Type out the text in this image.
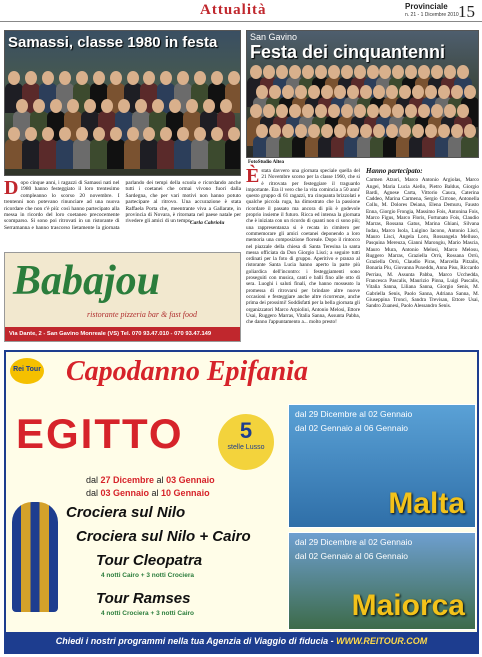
Attualità	Provinciale
n. 21 - 1 Dicembre 2010 15
Samassi, classe 1980 in festa
D opo cinque anni, i ragazzi di Samassi nati nel 1980 hanno festeggiato il loro trentesimo compleanno lo scorso 20 novembre. I trentenni non potevano rinunciare ad una nuova ricordare che non c'è più: così hanno partecipato alla messa in ricordo del loro coetaneo precocemente scomparso. Si sono poi ritrovati in un ristorante di Serramanna e hanno trascorso lietamente la giornata parlando dei tempi della scuola e ricordando anche tutti i coetanei che ormai vivono fuori dalla Sardegna, che per vari motivi non hanno potuto partecipare al ritrovo. Una accurazione è stata Raffaela Porta che, meentrante viva a Gallarate, in provincia di Novara, è ritornata nel paese natale per rivedere gli amici di un tempo.
Carla Cabriolu
Babajou
ristorante pizzeria bar & fast food
Via Dante, 2 - San Gavino Monreale (VS) Tel. 070 93.47.010 - 070 93.47.149
San Gavino
Festa dei cinquantenni
FotoStudio Altea
È stata davvero una giornata speciale quella del 21 Novembre scorso per la classe 1960, che si è ritrovata per festeggiare il traguardo importante. Era il vero che la vita comincia a 50 anni' questo gruppo di 61 ragazzi, tra cinquanta brizzolati e qualche piccola ruga, ha dimostrato che la passione ricordare il passato ma ancora di più è godevole proprio insieme il futuro. Ricca ed intensa la giornata che è iniziata con un ricordo di quanti non ci sono più; una rappresentanza si è recata in cimitero per commemorare gli amici coetanei deponendo a loro memoria una composizione floreale. Dopo il rintocco nel piazzale della chiesa di Santa Teresina la santa messa officiata da Don Giorgio Lisci; a seguire tutti ordinati per la foto di gruppo. Aperitivo e pranzo al ristorante Santa Lucia hanno aperto la parte più goliardica dell'incontro: i festeggiamenti sono proseguiti con musica, canti e balli fino alle otto di sera. Luoghi i saluti finali, che hanno mosseato la promessa di ritrovarsi per brindare altre nuove occasioni e festeggiare anche altre ricorrenze, anche prima dei prossimi! Soddisfatti per la bella giornata gli organizzatori Marco Arpiolini, Antonio Melosi, Ettore Usai, Ruggero Marras, Vitalia Sanna, Assunta Pabba, che danno l'appuntamento a... molto presto!
Hanno partecipato:

Carmen Atzori, Marco Antonio Argiolas, Marco Angei, Maria Lucia Aiello, Pietro Baldus, Giorgio Bardi, Agnese Carta, Vittorio Cauca, Caterina Caddeo, Marina Carmena, Sergio Cirrone, Antonella Collu, M. Dolores Deiana, Elena Demuru, Fausto Enna, Giorgio Frongia, Massimo Fois, Antonina Fois, Marco Figus, Marco Floris, Fortunato Fois, Claudio Marras, Rossana Gatus, Marina Ghiani, Silvana Iudau, Marco Isola, Luigino Iacono, Antonio Lisci, Mauro Lisci, Angela Loru, Rossangela Melluso, Pasquina Mereuza, Gianni Marongiu, Mario Mascia, Mauro Mura, Antonio Melosi, Marco Melosu, Ruggero Marras, Graziella Orrù, Rossana Orrù, Graziella Orrù, Claudio Piras, Marcella Pitzalis, Bonaria Piu, Giovanna Puxeddu, Anna Pisu, Riccardo Perriau, M. Assunta Pabba, Marco Ucchedda, Francesca Pascalis, Maurizio Pinna, Luigi Pascalis, Vitalia Sanna, Liliana Sanna, Giorgio Senis, M. Gabriella Senis, Paolo Sanna, Adriana Sanna, M. Giuseppina Tronci, Sandra Trevisan, Ettore Usai, Sandro Zuanesi, Paolo Alessandro Senis.

Rei Tour Capodanno Epifania
EGITTO	5
stelle Lusso
dal 27 Dicembre al 03 Gennaio
dal 03 Gennaio al 10 Gennaio
Crociera sul Nilo
Crociera sul Nilo + Cairo
Tour Cleopatra
4 notti Cairo + 3 notti Crociera
Tour Ramses
4 notti Crociera + 3 notti Cairo
dal 29 Dicembre al 02 Gennaio
dal 02 Gennaio al 06 Gennaio
Malta
dal 29 Dicembre al 02 Gennaio
dal 02 Gennaio al 06 Gennaio
Maiorca
Chiedi i nostri programmi nella tua Agenzia di Viaggio di fiducia - WWW.REITOUR.COM
